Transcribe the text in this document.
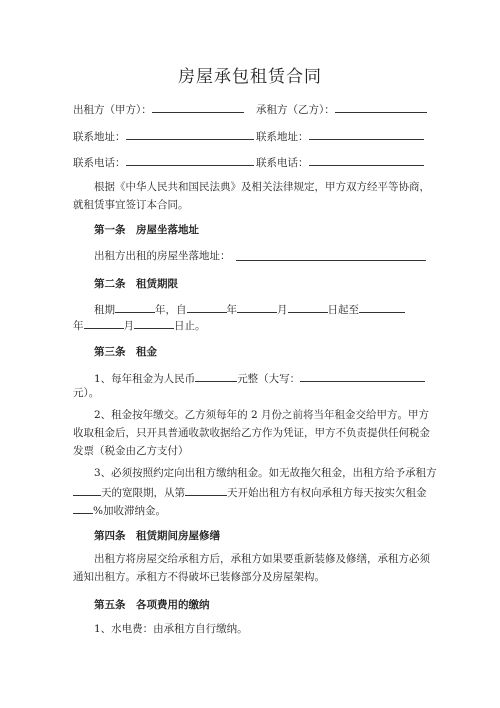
房屋承包租赁合同
出租方（甲方）：	承租方（乙方）：
联系地址：	联系地址：
联系电话：	联系电话：
根据《中华人民共和国民法典》及相关法律规定，甲方双方经平等协商，就租赁事宜签订本合同。
第一条　房屋坐落地址
出租方出租的房屋坐落地址：
第二条　租赁期限
租期	年，自	年	月	日起至
年	月	日止。
第三条　租金
1、每年租金为人民币	元整（大写：
元）。
2、租金按年缴交。乙方须每年的 2 月份之前将当年租金交给甲方。甲方收取租金后，只开具普通收款收据给乙方作为凭证，甲方不负责提供任何税金发票（税金由乙方支付）
3、必须按照约定向出租方缴纳租金。如无故拖欠租金，出租方给予承租方
天的宽限期，从第	天开始出租方有权向承租方每天按实欠租金
%加收滞纳金。
第四条　租赁期间房屋修缮
出租方将房屋交给承租方后，承租方如果要重新装修及修缮，承租方必须通知出租方。承租方不得破坏已装修部分及房屋架构。
第五条　各项费用的缴纳
1、水电费：由承租方自行缴纳。
